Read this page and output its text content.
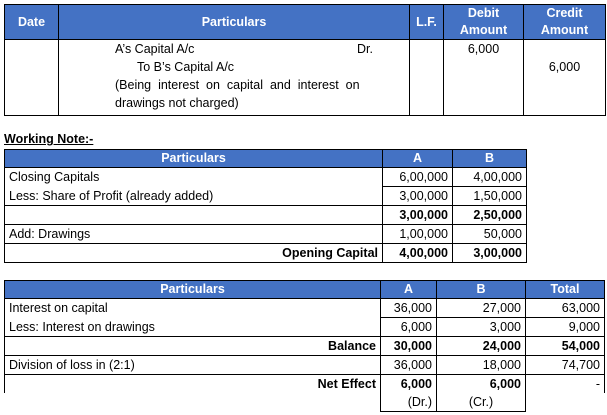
Date	Particulars	L.F.	Debit Amount	Credit Amount

	A’s Capital A/c Dr.
To B’s Capital A/c
(Being  interest  on  capital  and  interest  on
drawings not charged)		6,000	6,000
Working Note:-
Particulars	A	B
Closing Capitals	6,00,000	4,00,000
Less: Share of Profit (already added)	3,00,000	1,50,000
	3,00,000	2,50,000
Add: Drawings	1,00,000	50,000
Opening Capital	4,00,000	3,00,000
Particulars	A	B	Total
Interest on capital	36,000	27,000	63,000
Less: Interest on drawings	6,000	3,000	9,000
Balance	30,000	24,000	54,000
Division of loss in (2:1)	36,000	18,000	74,700
Net Effect	6,000	6,000	-
	(Dr.)	(Cr.)	
